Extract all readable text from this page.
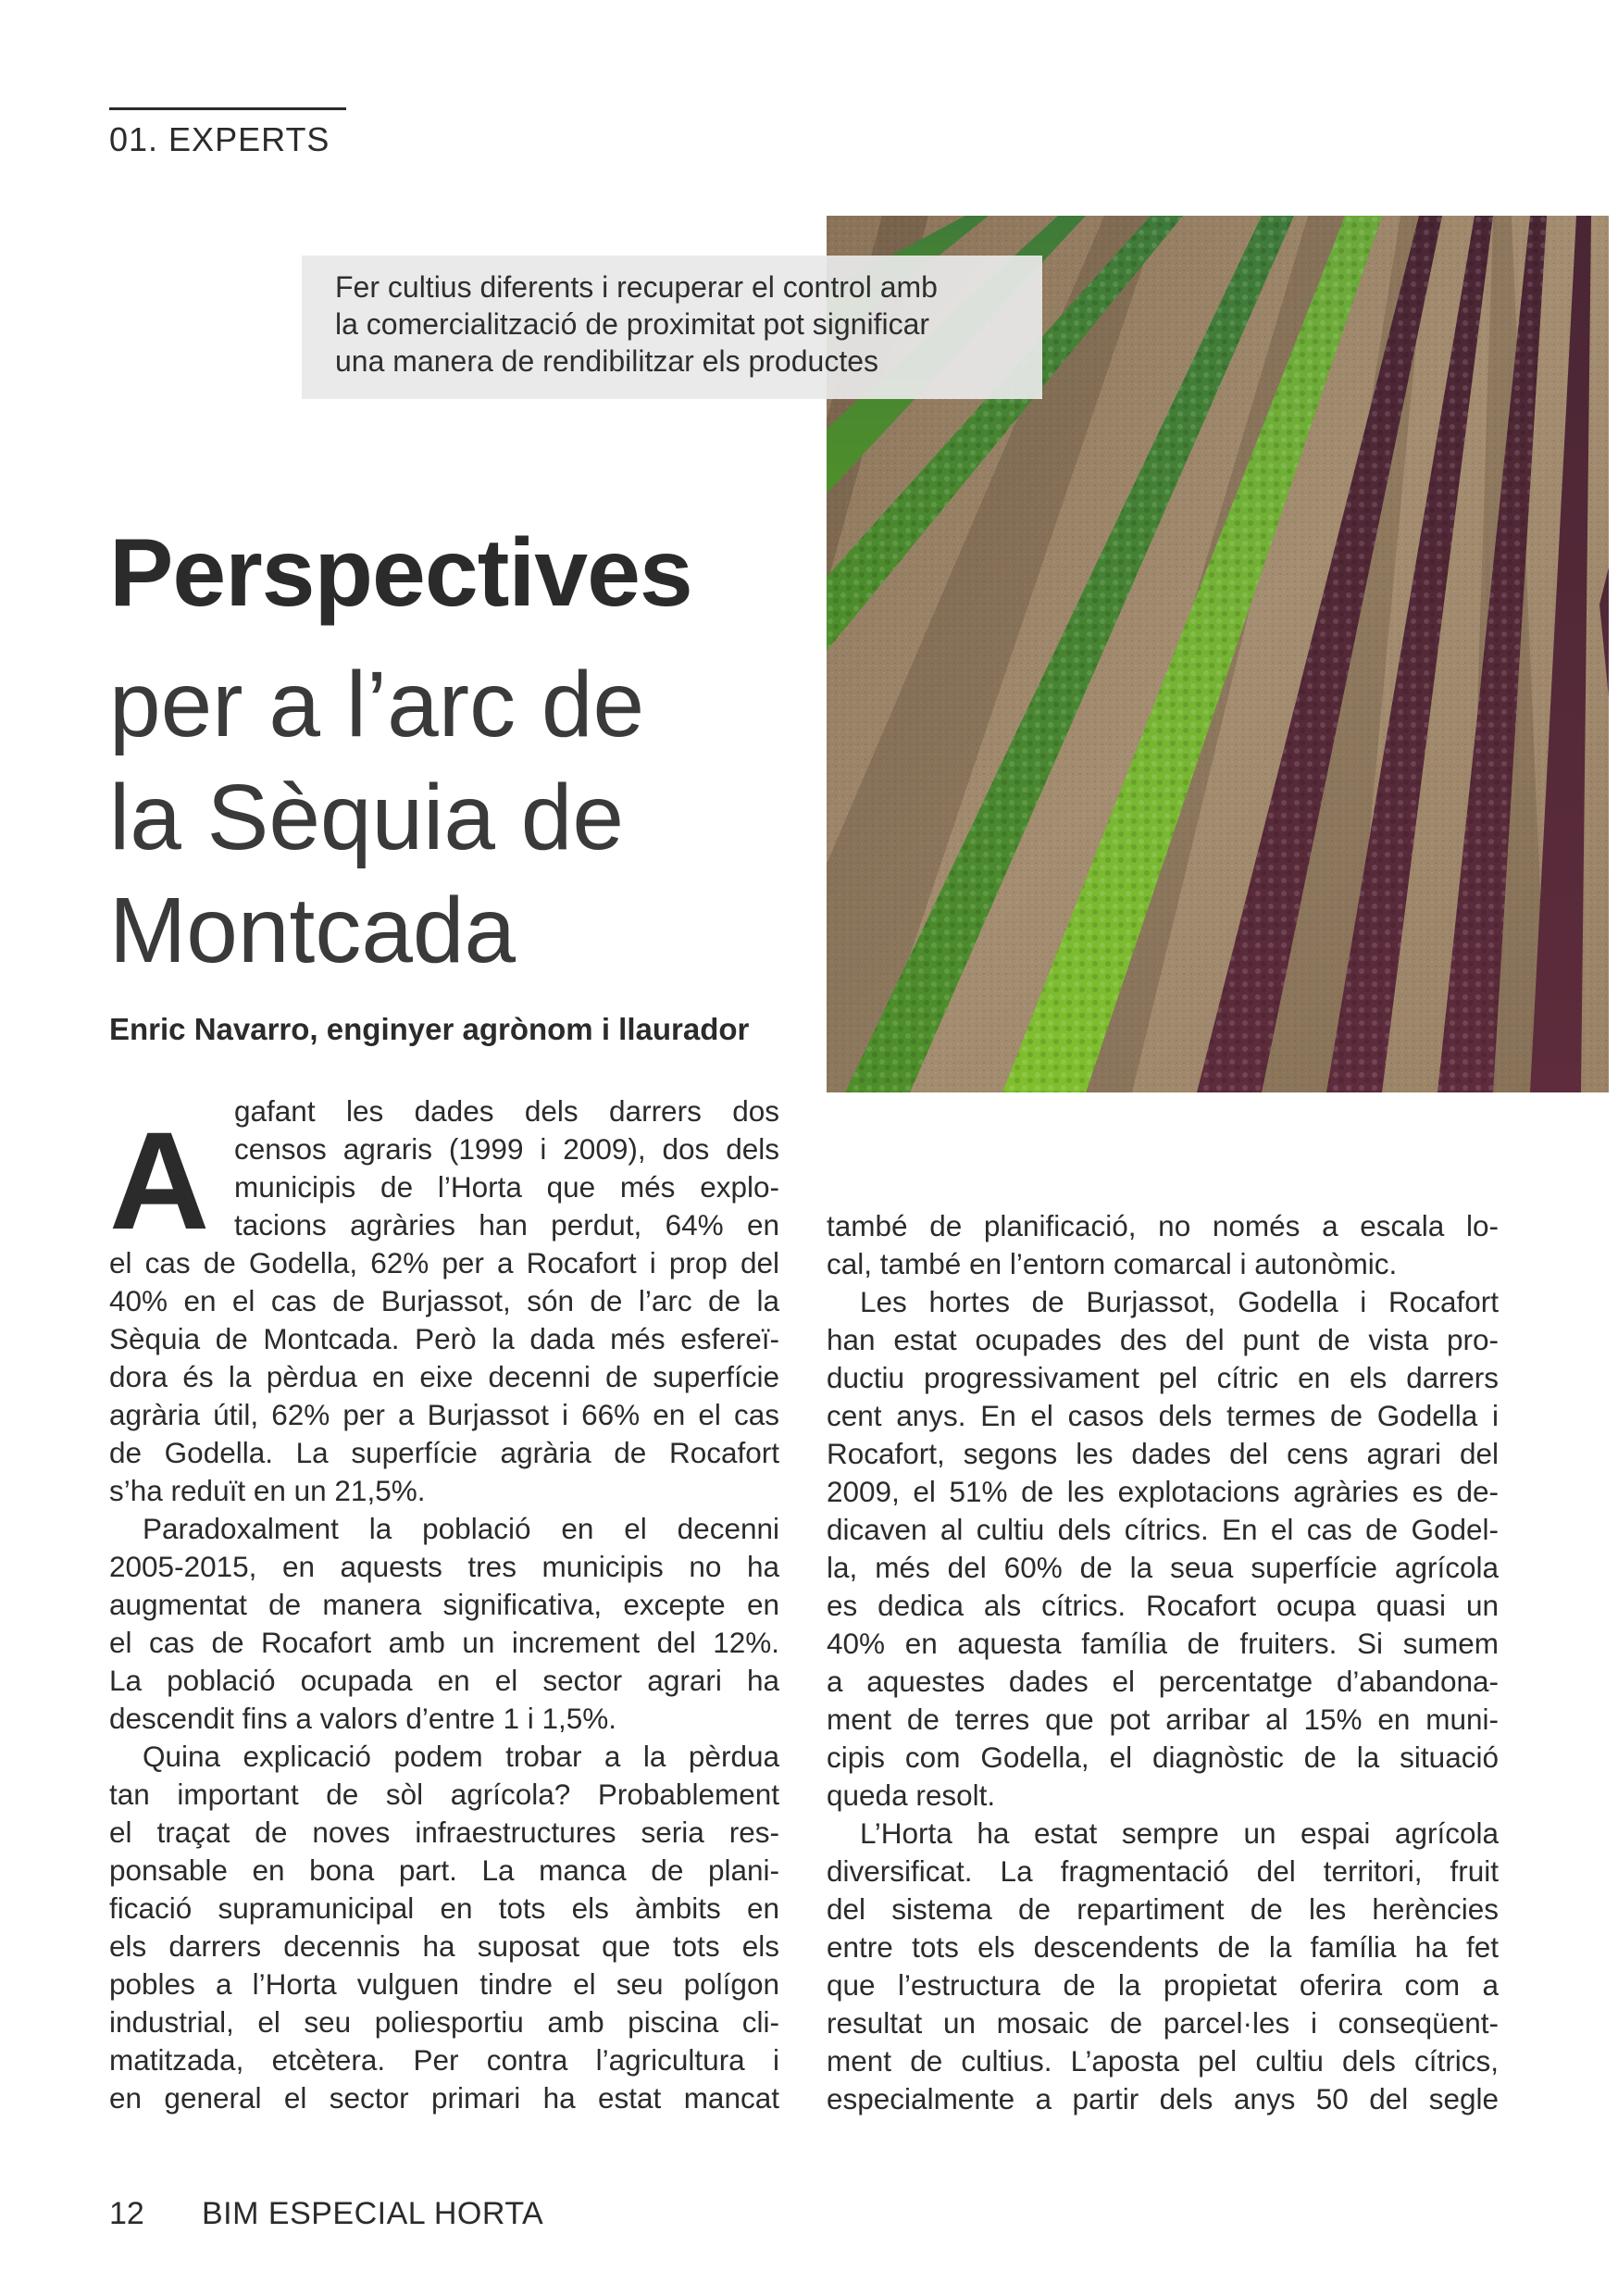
01. EXPERTS
Fer cultius diferents i recuperar el control amb
la comercialització de proximitat pot significar
una manera de rendibilitzar els productes
Perspectives
per a l’arc de
la Sèquia de
Montcada
Enric Navarro, enginyer agrònom i llaurador
A gafant les dades dels darrers dos
censos agraris (1999 i 2009), dos dels
municipis de l’Horta que més explo-
tacions agràries han perdut, 64% en
el cas de Godella, 62% per a Rocafort i prop del
40% en el cas de Burjassot, són de l’arc de la
Sèquia de Montcada. Però la dada més esfereï-
dora és la pèrdua en eixe decenni de superfície
agrària útil, 62% per a Burjassot i 66% en el cas
de Godella. La superfície agrària de Rocafort
s’ha reduït en un 21,5%.
Paradoxalment la població en el decenni
2005-2015, en aquests tres municipis no ha
augmentat de manera significativa, excepte en
el cas de Rocafort amb un increment del 12%.
La població ocupada en el sector agrari ha
descendit fins a valors d’entre 1 i 1,5%.
Quina explicació podem trobar a la pèrdua
tan important de sòl agrícola? Probablement
el traçat de noves infraestructures seria res-
ponsable en bona part. La manca de plani-
ficació supramunicipal en tots els àmbits en
els darrers decennis ha suposat que tots els
pobles a l’Horta vulguen tindre el seu polígon
industrial, el seu poliesportiu amb piscina cli-
matitzada, etcètera. Per contra l’agricultura i
en general el sector primari ha estat mancat
també de planificació, no només a escala lo-
cal, també en l’entorn comarcal i autonòmic.
Les hortes de Burjassot, Godella i Rocafort
han estat ocupades des del punt de vista pro-
ductiu progressivament pel cítric en els darrers
cent anys. En el casos dels termes de Godella i
Rocafort, segons les dades del cens agrari del
2009, el 51% de les explotacions agràries es de-
dicaven al cultiu dels cítrics. En el cas de Godel-
la, més del 60% de la seua superfície agrícola
es dedica als cítrics. Rocafort ocupa quasi un
40% en aquesta família de fruiters. Si sumem
a aquestes dades el percentatge d’abandona-
ment de terres que pot arribar al 15% en muni-
cipis com Godella, el diagnòstic de la situació
queda resolt.
L’Horta ha estat sempre un espai agrícola
diversificat. La fragmentació del territori, fruit
del sistema de repartiment de les herències
entre tots els descendents de la família ha fet
que l’estructura de la propietat oferira com a
resultat un mosaic de parcel·les i conseqüent-
ment de cultius. L’aposta pel cultiu dels cítrics,
especialmente a partir dels anys 50 del segle
12 BIM ESPECIAL HORTA
